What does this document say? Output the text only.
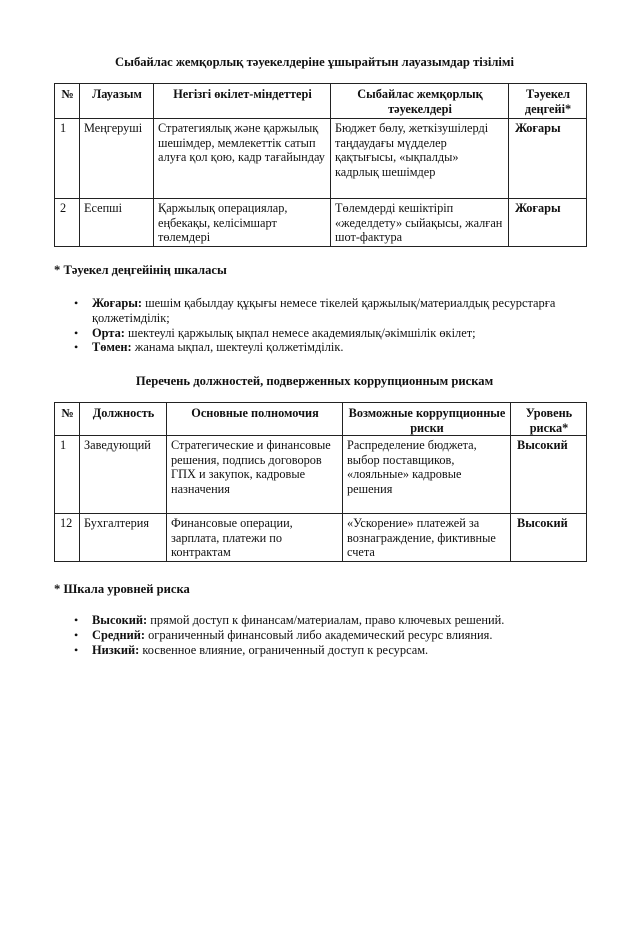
Сыбайлас жемқорлық тәуекелдеріне ұшырайтын лауазымдар тізілімі
№	Лауазым	Негізгі өкілет-міндеттері	Сыбайлас жемқорлық тәуекелдері	Тәуекел деңгейі*
1	Меңгеруші	Стратегиялық және қаржылық шешімдер, мемлекеттік сатып алуға қол қою, кадр тағайындау	Бюджет бөлу, жеткізушілерді таңдаудағы мүдделер қақтығысы, «ықпалды» кадрлық шешімдер	Жоғары
2	Есепші	Қаржылық операциялар, еңбекақы, келісімшарт төлемдері	Төлемдерді кешіктіріп «жеделдету» сыйақысы, жалған шот-фактура	Жоғары
* Тәуекел деңгейінің шкаласы
• Жоғары: шешім қабылдау құқығы немесе тікелей қаржылық/материалдық ресурстарға қолжетімділік;
• Орта: шектеулі қаржылық ықпал немесе академиялық/әкімшілік өкілет;
• Төмен: жанама ықпал, шектеулі қолжетімділік.
Перечень должностей, подверженных коррупционным рискам
№	Должность	Основные полномочия	Возможные коррупционные риски	Уровень риска*
1	Заведующий	Стратегические и финансовые решения, подпись договоров ГПХ и закупок, кадровые назначения	Распределение бюджета, выбор поставщиков, «лояльные» кадровые решения	Высокий
12	Бухгалтерия	Финансовые операции, зарплата, платежи по контрактам	«Ускорение» платежей за вознаграждение, фиктивные счета	Высокий
* Шкала уровней риска
• Высокий: прямой доступ к финансам/материалам, право ключевых решений.
• Средний: ограниченный финансовый либо академический ресурс влияния.
• Низкий: косвенное влияние, ограниченный доступ к ресурсам.
